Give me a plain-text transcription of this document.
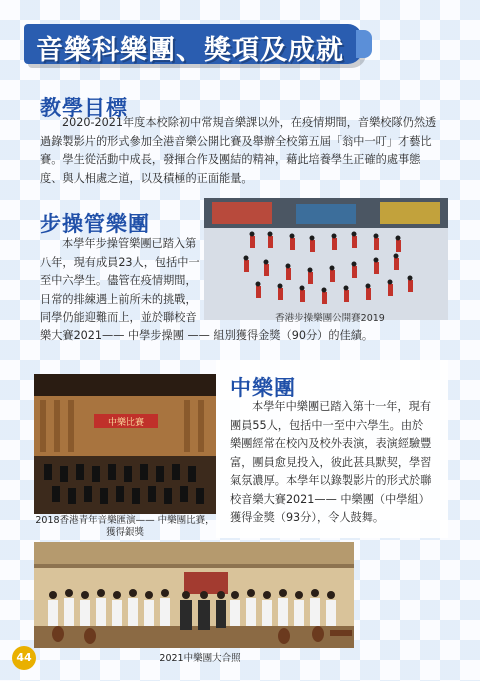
音樂科樂團、獎項及成就
教學目標
2020-2021年度本校除初中常規音樂課以外，在疫情期間，音樂校隊仍然透
過錄製影片的形式參加全港音樂公開比賽及舉辦全校第五屆「翁中一叮」才藝比
賽。學生從活動中成長，發揮合作及團結的精神，藉此培養學生正確的處事態
度、與人相處之道，以及積極的正面能量。
步操管樂團
本學年步操管樂團已踏入第
八年，現有成員23人，包括中一
至中六學生。儘管在疫情期間，
日常的排練遇上前所未的挑戰，
同學仍能迎難而上，並於聯校音
樂大賽2021—— 中學步操團 —— 組別獲得金獎（90分）的佳績。
香港步操樂團公開賽2019
中樂團
本學年中樂團已踏入第十一年，現有
團員55人，包括中一至中六學生。由於
樂團經常在校內及校外表演，表演經驗豐
富，團員愈見投入，彼此甚具默契，學習
氣氛濃厚。本學年以錄製影片的形式於聯
校音樂大賽2021—— 中樂團（中學組）
獲得金獎（93分），令人鼓舞。
中樂比賽
2018香港青年音樂匯演—— 中樂團比賽，
獲得銀獎
2021中樂團大合照
44
